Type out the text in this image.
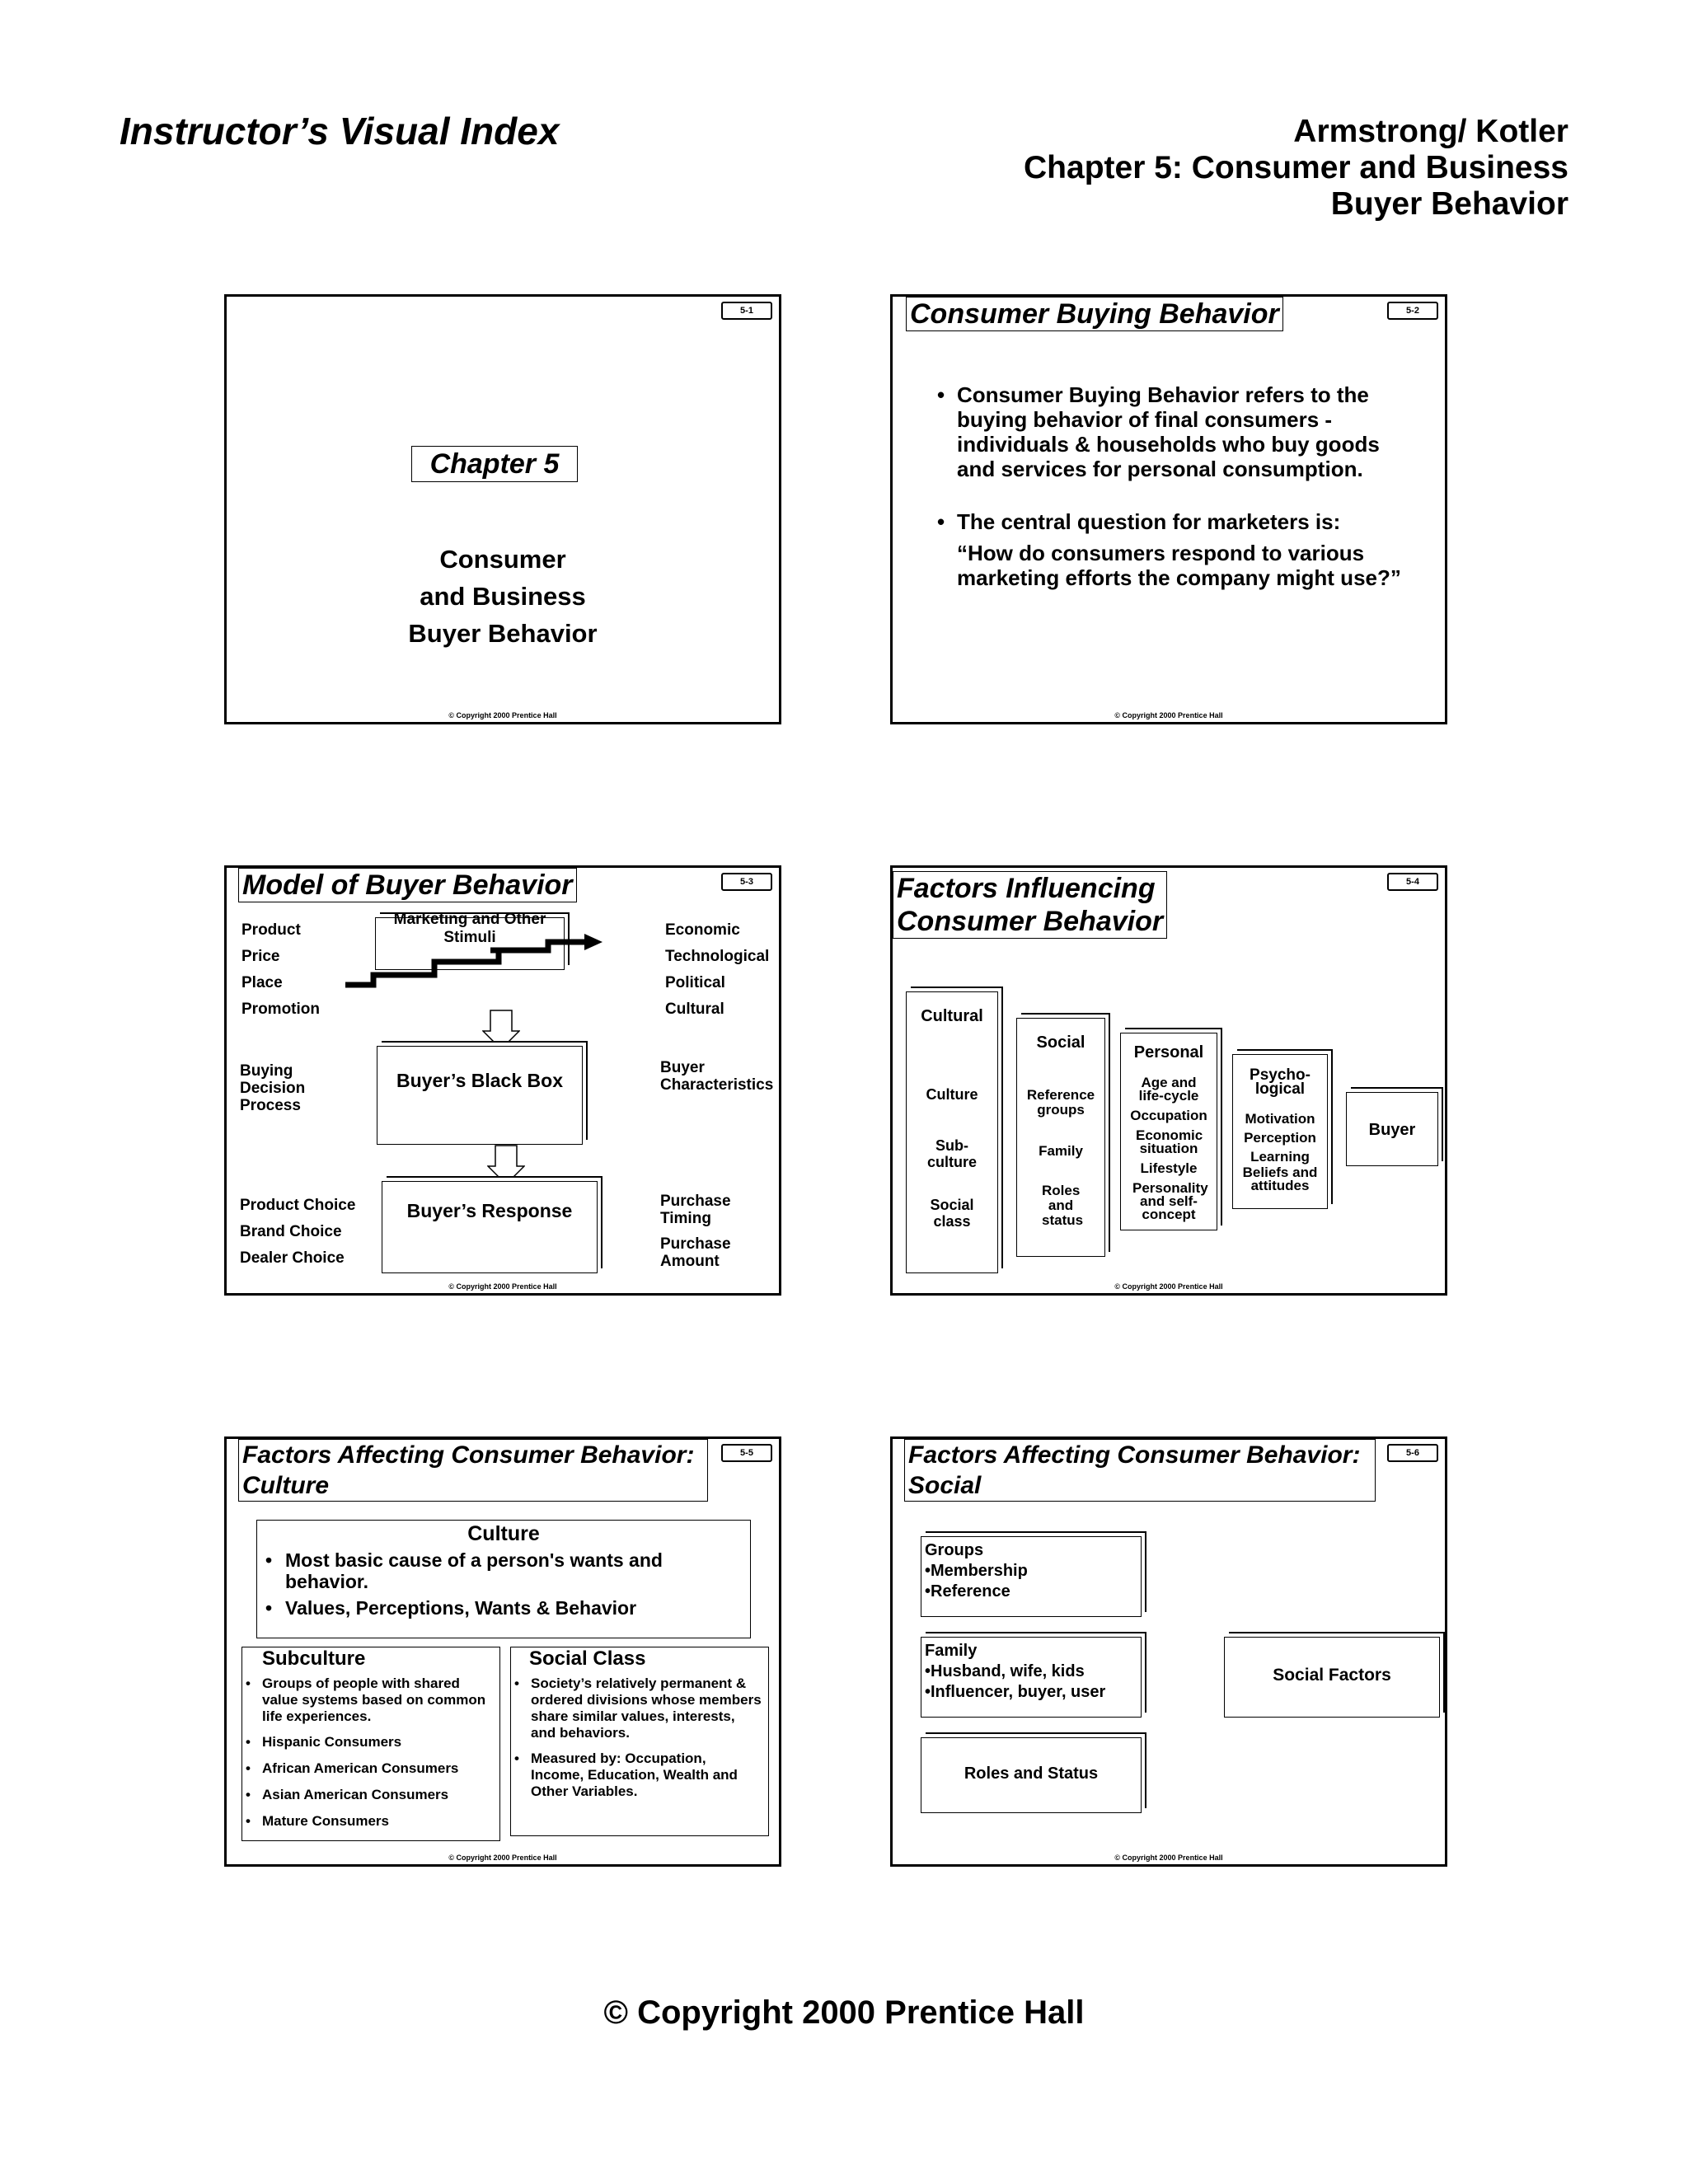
Instructor’s Visual Index	Armstrong/ Kotler
Chapter 5: Consumer and Business
Buyer Behavior
5-1
Chapter 5
Consumer
and Business
Buyer Behavior
© Copyright 2000 Prentice Hall
5-2
Consumer Buying Behavior
• Consumer Buying Behavior refers to the buying behavior of final consumers - individuals & households who buy goods and services for personal consumption.
• The central question for marketers is:
“How do consumers respond to various marketing efforts the company might use?”
© Copyright 2000 Prentice Hall
5-3
Model of Buyer Behavior
Product
Price
Place
Promotion
Marketing and Other Stimuli	Economic
Technological
Political
Cultural
Buying Decision Process
Buyer’s Black Box
Buyer Characteristics
Product Choice
Brand Choice
Dealer Choice
Buyer’s Response	Purchase Timing
Purchase Amount
© Copyright 2000 Prentice Hall
5-4
Factors Influencing
Consumer Behavior
Cultural
Culture
Sub-culture
Social class
Social
Reference groups
Family
Roles and status
Personal
Age and life-cycle
Occupation
Economic situation
Lifestyle
Personality and self-concept
Psycho-logical
Motivation
Perception
Learning
Beliefs and attitudes
Buyer
© Copyright 2000 Prentice Hall
5-5
Factors Affecting Consumer Behavior:
Culture
Culture
• Most basic cause of a person's wants and behavior.
• Values, Perceptions, Wants & Behavior
Subculture
• Groups of people with shared value systems based on common life experiences.
• Hispanic Consumers
• African American Consumers
• Asian American Consumers
• Mature Consumers
Social Class
• Society’s relatively permanent & ordered divisions whose members share similar values, interests, and behaviors.
• Measured by: Occupation, Income, Education, Wealth and Other Variables.
© Copyright 2000 Prentice Hall
5-6
Factors Affecting Consumer Behavior:
Social
Groups
•Membership
•Reference
Family
•Husband, wife, kids
•Influencer, buyer, user
Roles and Status
Social Factors
© Copyright 2000 Prentice Hall
© Copyright 2000 Prentice Hall
